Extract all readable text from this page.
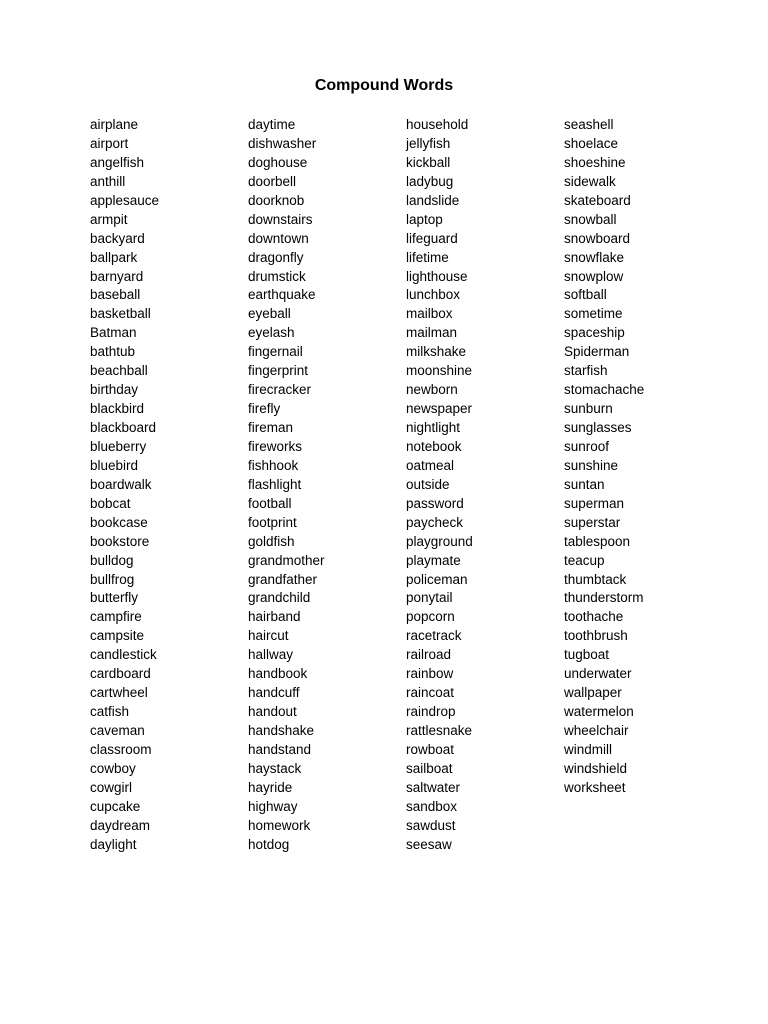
Compound Words
airplane
airport
angelfish
anthill
applesauce
armpit
backyard
ballpark
barnyard
baseball
basketball
Batman
bathtub
beachball
birthday
blackbird
blackboard
blueberry
bluebird
boardwalk
bobcat
bookcase
bookstore
bulldog
bullfrog
butterfly
campfire
campsite
candlestick
cardboard
cartwheel
catfish
caveman
classroom
cowboy
cowgirl
cupcake
daydream
daylight
daytime
dishwasher
doghouse
doorbell
doorknob
downstairs
downtown
dragonfly
drumstick
earthquake
eyeball
eyelash
fingernail
fingerprint
firecracker
firefly
fireman
fireworks
fishhook
flashlight
football
footprint
goldfish
grandmother
grandfather
grandchild
hairband
haircut
hallway
handbook
handcuff
handout
handshake
handstand
haystack
hayride
highway
homework
hotdog
household
jellyfish
kickball
ladybug
landslide
laptop
lifeguard
lifetime
lighthouse
lunchbox
mailbox
mailman
milkshake
moonshine
newborn
newspaper
nightlight
notebook
oatmeal
outside
password
paycheck
playground
playmate
policeman
ponytail
popcorn
racetrack
railroad
rainbow
raincoat
raindrop
rattlesnake
rowboat
sailboat
saltwater
sandbox
sawdust
seesaw
seashell
shoelace
shoeshine
sidewalk
skateboard
snowball
snowboard
snowflake
snowplow
softball
sometime
spaceship
Spiderman
starfish
stomachache
sunburn
sunglasses
sunroof
sunshine
suntan
superman
superstar
tablespoon
teacup
thumbtack
thunderstorm
toothache
toothbrush
tugboat
underwater
wallpaper
watermelon
wheelchair
windmill
windshield
worksheet
